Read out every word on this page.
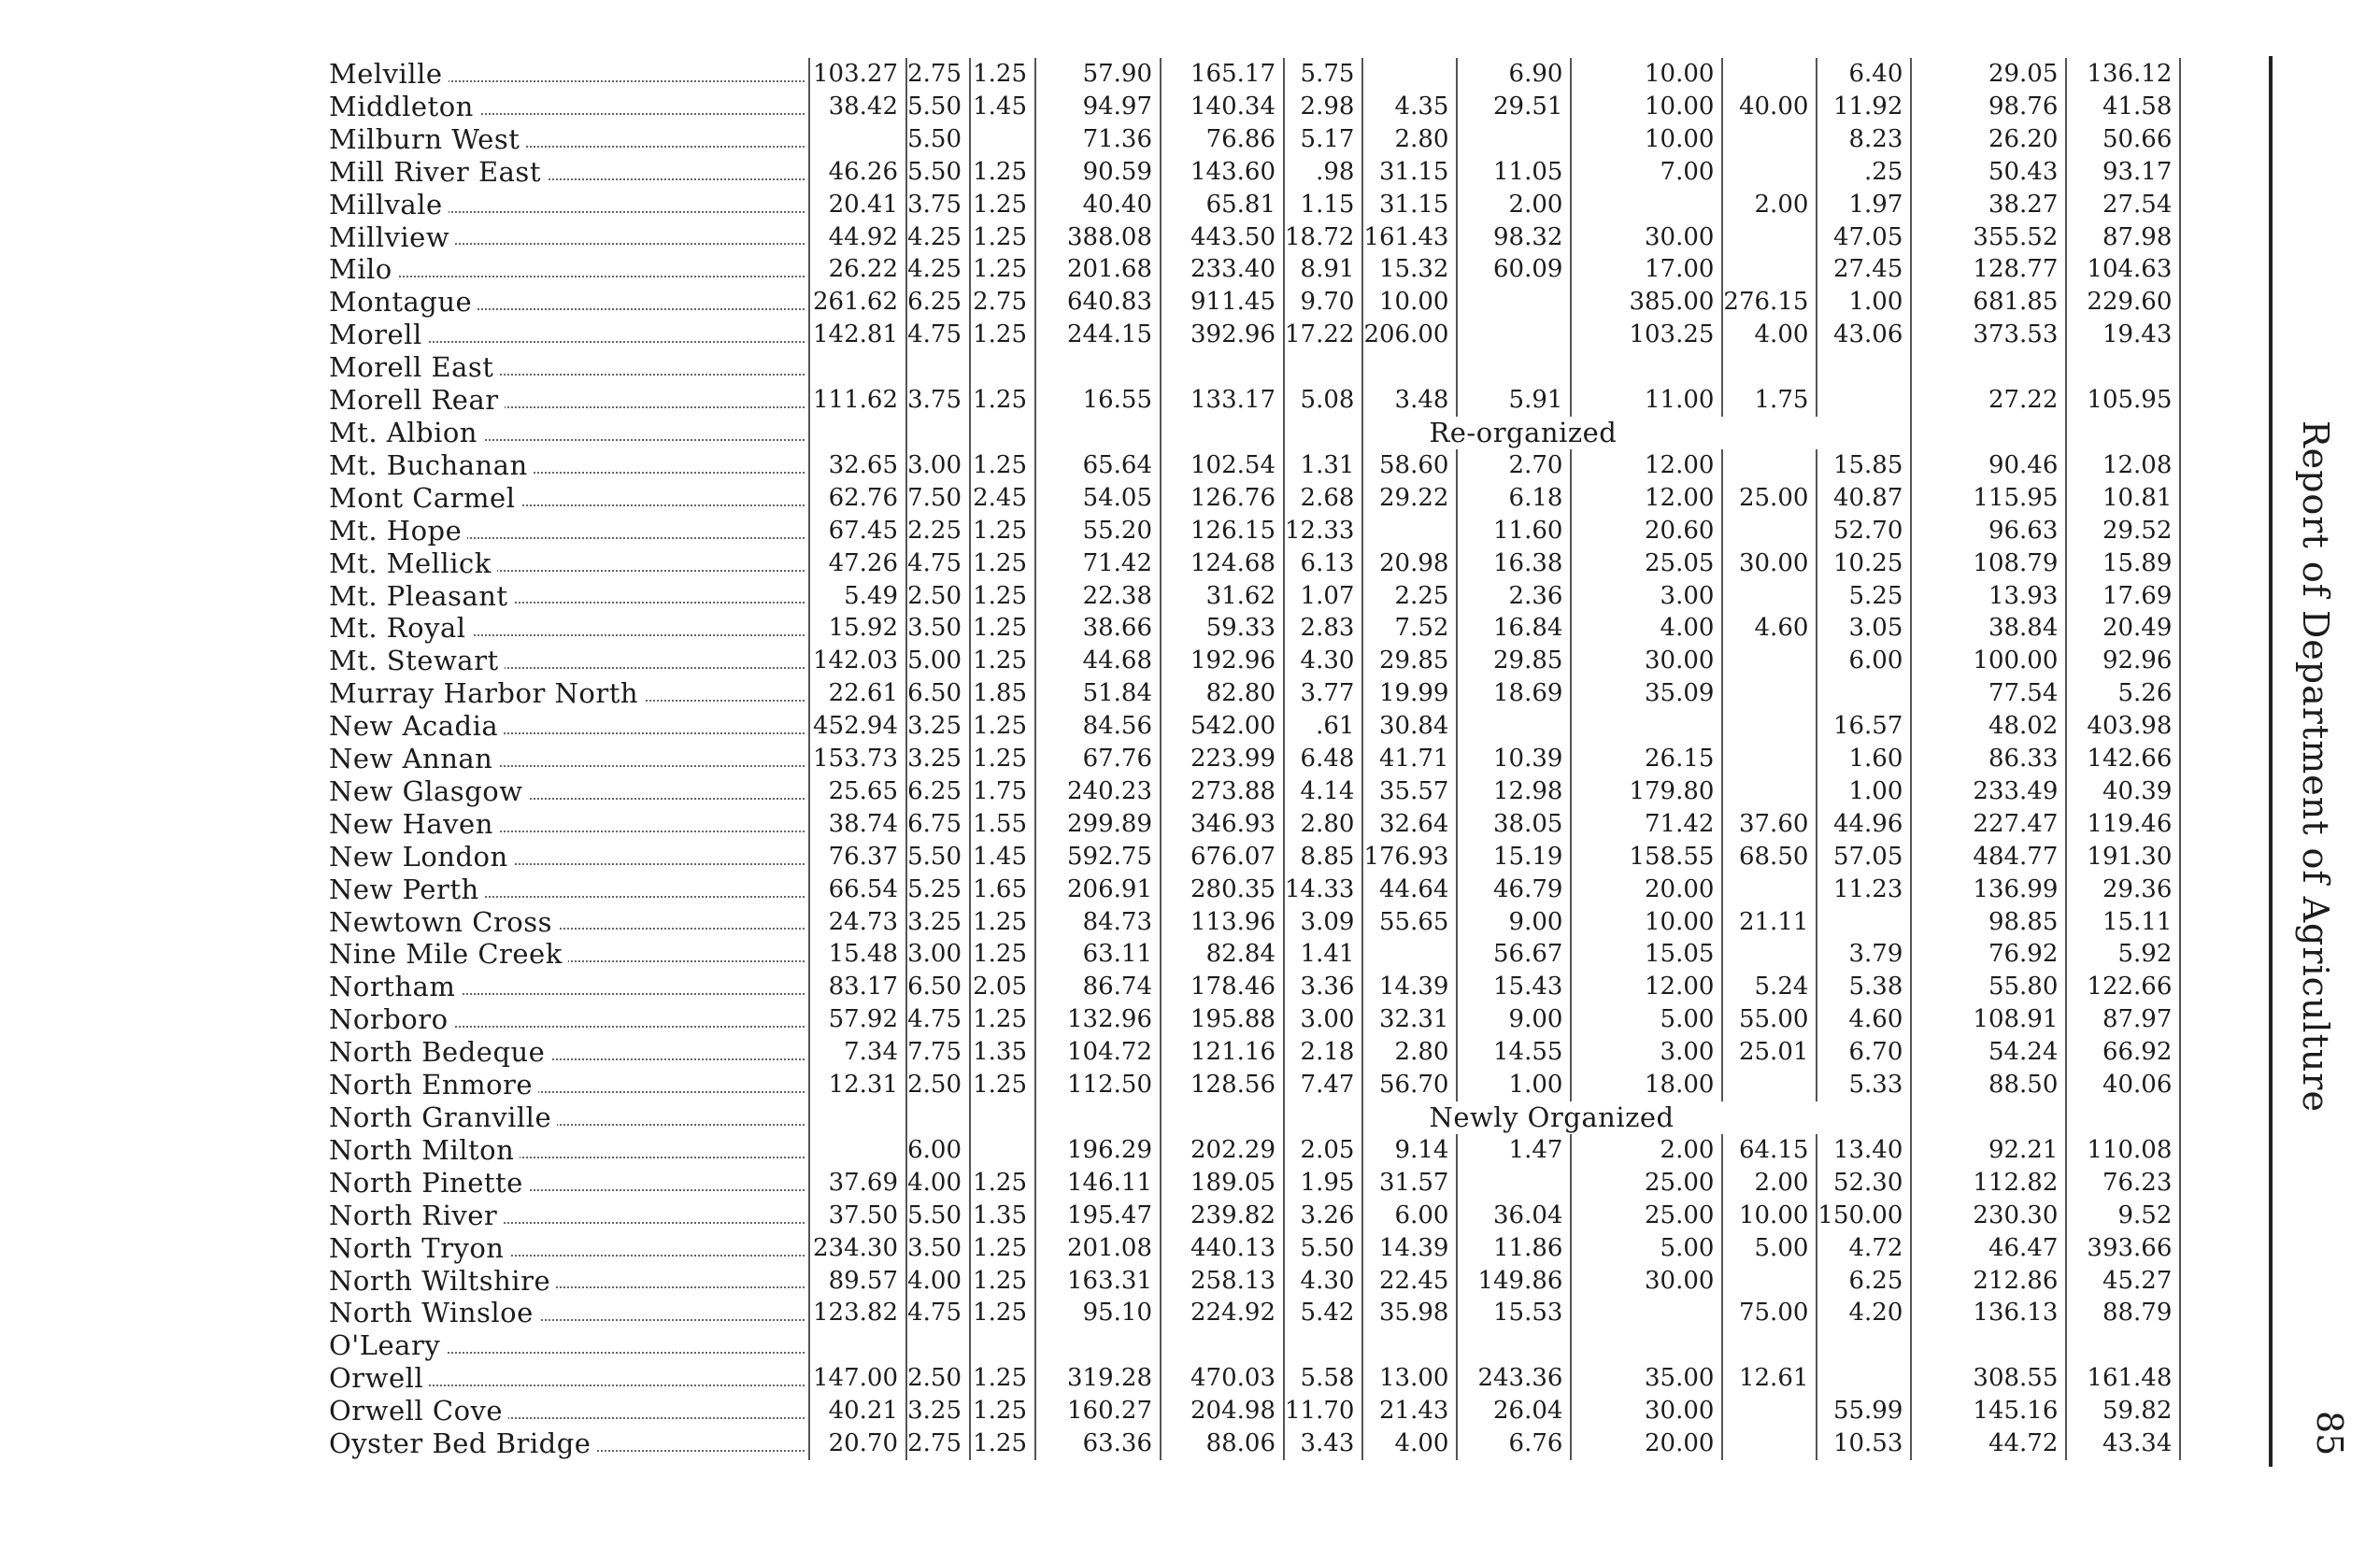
Melville	103.27	2.75	1.25	57.90	165.17	5.75		6.90	10.00		6.40	29.05	136.12

Middleton	38.42	5.50	1.45	94.97	140.34	2.98	4.35	29.51	10.00	40.00	11.92	98.76	41.58

Milburn West		5.50		71.36	76.86	5.17	2.80		10.00		8.23	26.20	50.66

Mill River East	46.26	5.50	1.25	90.59	143.60	.98	31.15	11.05	7.00		.25	50.43	93.17

Millvale	20.41	3.75	1.25	40.40	65.81	1.15	31.15	2.00		2.00	1.97	38.27	27.54

Millview	44.92	4.25	1.25	388.08	443.50	18.72	161.43	98.32	30.00		47.05	355.52	87.98

Milo	26.22	4.25	1.25	201.68	233.40	8.91	15.32	60.09	17.00		27.45	128.77	104.63

Montague	261.62	6.25	2.75	640.83	911.45	9.70	10.00		385.00	276.15	1.00	681.85	229.60

Morell	142.81	4.75	1.25	244.15	392.96	17.22	206.00		103.25	4.00	43.06	373.53	19.43

Morell East													

Morell Rear	111.62	3.75	1.25	16.55	133.17	5.08	3.48	5.91	11.00	1.75		27.22	105.95

Mt. Albion							Re-organized						

Mt. Buchanan	32.65	3.00	1.25	65.64	102.54	1.31	58.60	2.70	12.00		15.85	90.46	12.08

Mont Carmel	62.76	7.50	2.45	54.05	126.76	2.68	29.22	6.18	12.00	25.00	40.87	115.95	10.81

Mt. Hope	67.45	2.25	1.25	55.20	126.15	12.33		11.60	20.60		52.70	96.63	29.52

Mt. Mellick	47.26	4.75	1.25	71.42	124.68	6.13	20.98	16.38	25.05	30.00	10.25	108.79	15.89

Mt. Pleasant	5.49	2.50	1.25	22.38	31.62	1.07	2.25	2.36	3.00		5.25	13.93	17.69

Mt. Royal	15.92	3.50	1.25	38.66	59.33	2.83	7.52	16.84	4.00	4.60	3.05	38.84	20.49

Mt. Stewart	142.03	5.00	1.25	44.68	192.96	4.30	29.85	29.85	30.00		6.00	100.00	92.96

Murray Harbor North	22.61	6.50	1.85	51.84	82.80	3.77	19.99	18.69	35.09			77.54	5.26

New Acadia	452.94	3.25	1.25	84.56	542.00	.61	30.84				16.57	48.02	403.98

New Annan	153.73	3.25	1.25	67.76	223.99	6.48	41.71	10.39	26.15		1.60	86.33	142.66

New Glasgow	25.65	6.25	1.75	240.23	273.88	4.14	35.57	12.98	179.80		1.00	233.49	40.39

New Haven	38.74	6.75	1.55	299.89	346.93	2.80	32.64	38.05	71.42	37.60	44.96	227.47	119.46

New London	76.37	5.50	1.45	592.75	676.07	8.85	176.93	15.19	158.55	68.50	57.05	484.77	191.30

New Perth	66.54	5.25	1.65	206.91	280.35	14.33	44.64	46.79	20.00		11.23	136.99	29.36

Newtown Cross	24.73	3.25	1.25	84.73	113.96	3.09	55.65	9.00	10.00	21.11		98.85	15.11

Nine Mile Creek	15.48	3.00	1.25	63.11	82.84	1.41		56.67	15.05		3.79	76.92	5.92

Northam	83.17	6.50	2.05	86.74	178.46	3.36	14.39	15.43	12.00	5.24	5.38	55.80	122.66

Norboro	57.92	4.75	1.25	132.96	195.88	3.00	32.31	9.00	5.00	55.00	4.60	108.91	87.97

North Bedeque	7.34	7.75	1.35	104.72	121.16	2.18	2.80	14.55	3.00	25.01	6.70	54.24	66.92

North Enmore	12.31	2.50	1.25	112.50	128.56	7.47	56.70	1.00	18.00		5.33	88.50	40.06

North Granville							Newly Organized						

North Milton		6.00		196.29	202.29	2.05	9.14	1.47	2.00	64.15	13.40	92.21	110.08

North Pinette	37.69	4.00	1.25	146.11	189.05	1.95	31.57		25.00	2.00	52.30	112.82	76.23

North River	37.50	5.50	1.35	195.47	239.82	3.26	6.00	36.04	25.00	10.00	150.00	230.30	9.52

North Tryon	234.30	3.50	1.25	201.08	440.13	5.50	14.39	11.86	5.00	5.00	4.72	46.47	393.66

North Wiltshire	89.57	4.00	1.25	163.31	258.13	4.30	22.45	149.86	30.00		6.25	212.86	45.27

North Winsloe	123.82	4.75	1.25	95.10	224.92	5.42	35.98	15.53		75.00	4.20	136.13	88.79

O'Leary													

Orwell	147.00	2.50	1.25	319.28	470.03	5.58	13.00	243.36	35.00	12.61		308.55	161.48

Orwell Cove	40.21	3.25	1.25	160.27	204.98	11.70	21.43	26.04	30.00		55.99	145.16	59.82

Oyster Bed Bridge	20.70	2.75	1.25	63.36	88.06	3.43	4.00	6.76	20.00		10.53	44.72	43.34
Report of Department of Agriculture
85
